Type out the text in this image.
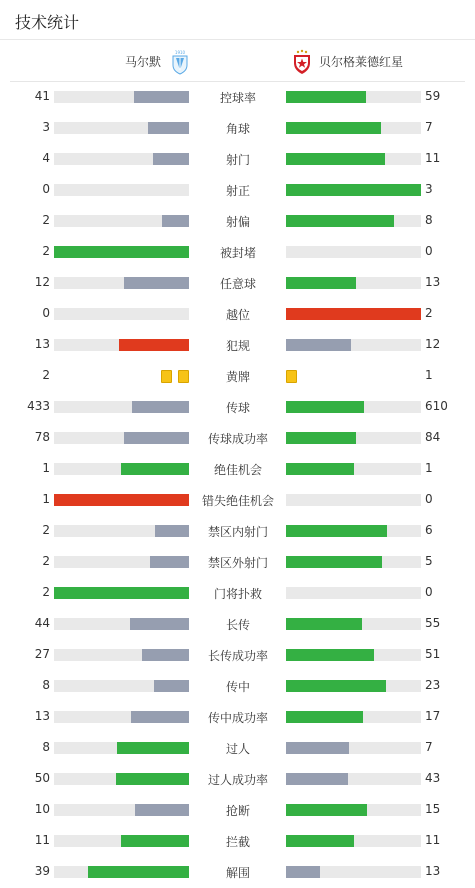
技术统计
马尔默
1910
贝尔格莱德红星
41	控球率	59
3	角球	7
4	射门	11
0	射正	3
2	射偏	8
2	被封堵	0
12	任意球	13
0	越位	2
13	犯规	12
2	黄牌	1
433	传球	610
78	传球成功率	84
1	绝佳机会	1
1	错失绝佳机会	0
2	禁区内射门	6
2	禁区外射门	5
2	门将扑救	0
44	长传	55
27	长传成功率	51
8	传中	23
13	传中成功率	17
8	过人	7
50	过人成功率	43
10	抢断	15
11	拦截	11
39	解围	13
